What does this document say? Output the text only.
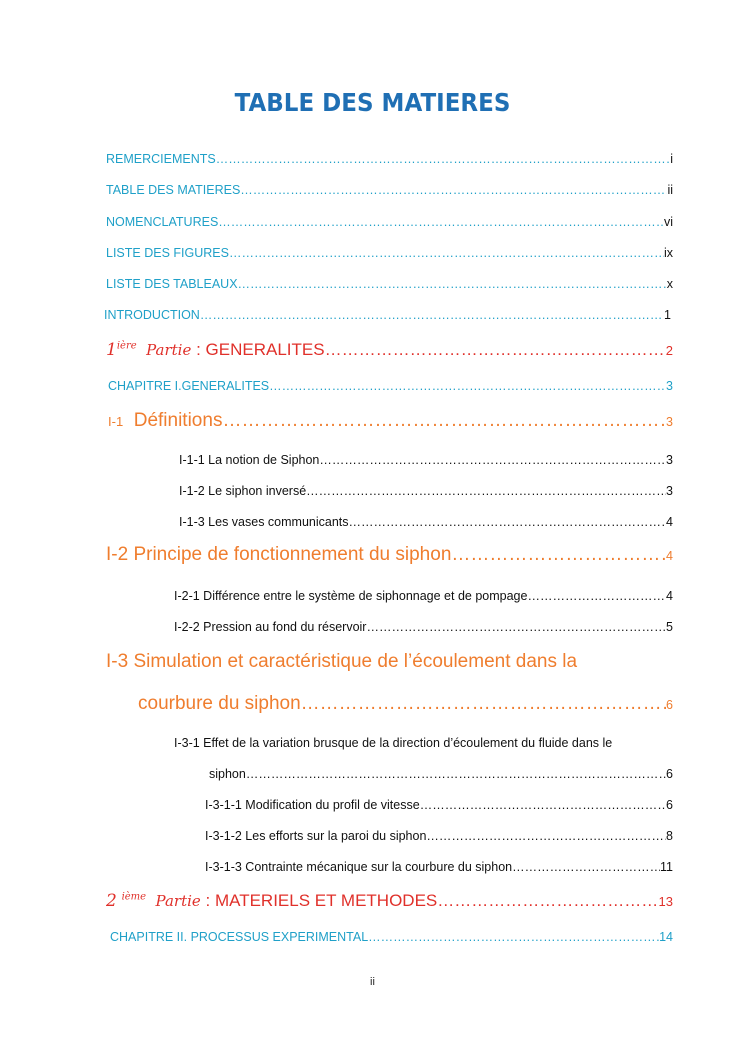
TABLE DES MATIERES
REMERCIEMENTS ……………………………………………………………………………………………………………………………………………………………………………………………	i
TABLE DES MATIERES ……………………………………………………………………………………………………………………………………………………………………………………………	ii
NOMENCLATURES ……………………………………………………………………………………………………………………………………………………………………………………………	vi
LISTE DES FIGURES ……………………………………………………………………………………………………………………………………………………………………………………………	ix
LISTE DES TABLEAUX ……………………………………………………………………………………………………………………………………………………………………………………………	x
INTRODUCTION ……………………………………………………………………………………………………………………………………………………………………………………………	1
$1^{ière}$ Partie : GENERALITES ……………………………………………………………………………………………………………………………………………………………………………………………	2
CHAPITRE I.GENERALITES ……………………………………………………………………………………………………………………………………………………………………………………………	3
I-1 Définitions ……………………………………………………………………………………………………………………………………………………………………………………………	3
I-1-1 La notion de Siphon ……………………………………………………………………………………………………………………………………………………………………………………………	3
I-1-2 Le siphon inversé ……………………………………………………………………………………………………………………………………………………………………………………………	3
I-1-3 Les vases communicants ……………………………………………………………………………………………………………………………………………………………………………………………	4
I-2 Principe de fonctionnement du siphon ……………………………………………………………………………………………………………………………………………………………………………………………	4
I-2-1 Différence entre le système de siphonnage et de pompage ……………………………………………………………………………………………………………………………………………………………………………………………	4
I-2-2 Pression au fond du réservoir ……………………………………………………………………………………………………………………………………………………………………………………………	5
I-3 Simulation et caractéristique de l’écoulement dans la
courbure du siphon ……………………………………………………………………………………………………………………………………………………………………………………………	6
I-3-1 Effet de la variation brusque de la direction d’écoulement du fluide dans le
siphon ……………………………………………………………………………………………………………………………………………………………………………………………	6
I-3-1-1 Modification du profil de vitesse ……………………………………………………………………………………………………………………………………………………………………………………………	6
I-3-1-2 Les efforts sur la paroi du siphon ……………………………………………………………………………………………………………………………………………………………………………………………	8
I-3-1-3 Contrainte mécanique sur la courbure du siphon ……………………………………………………………………………………………………………………………………………………………………………………………	11
2 $^{ième}$ Partie : MATERIELS ET METHODES ……………………………………………………………………………………………………………………………………………………………………………………………	13
CHAPITRE II. PROCESSUS EXPERIMENTAL ……………………………………………………………………………………………………………………………………………………………………………………………	14
ii
